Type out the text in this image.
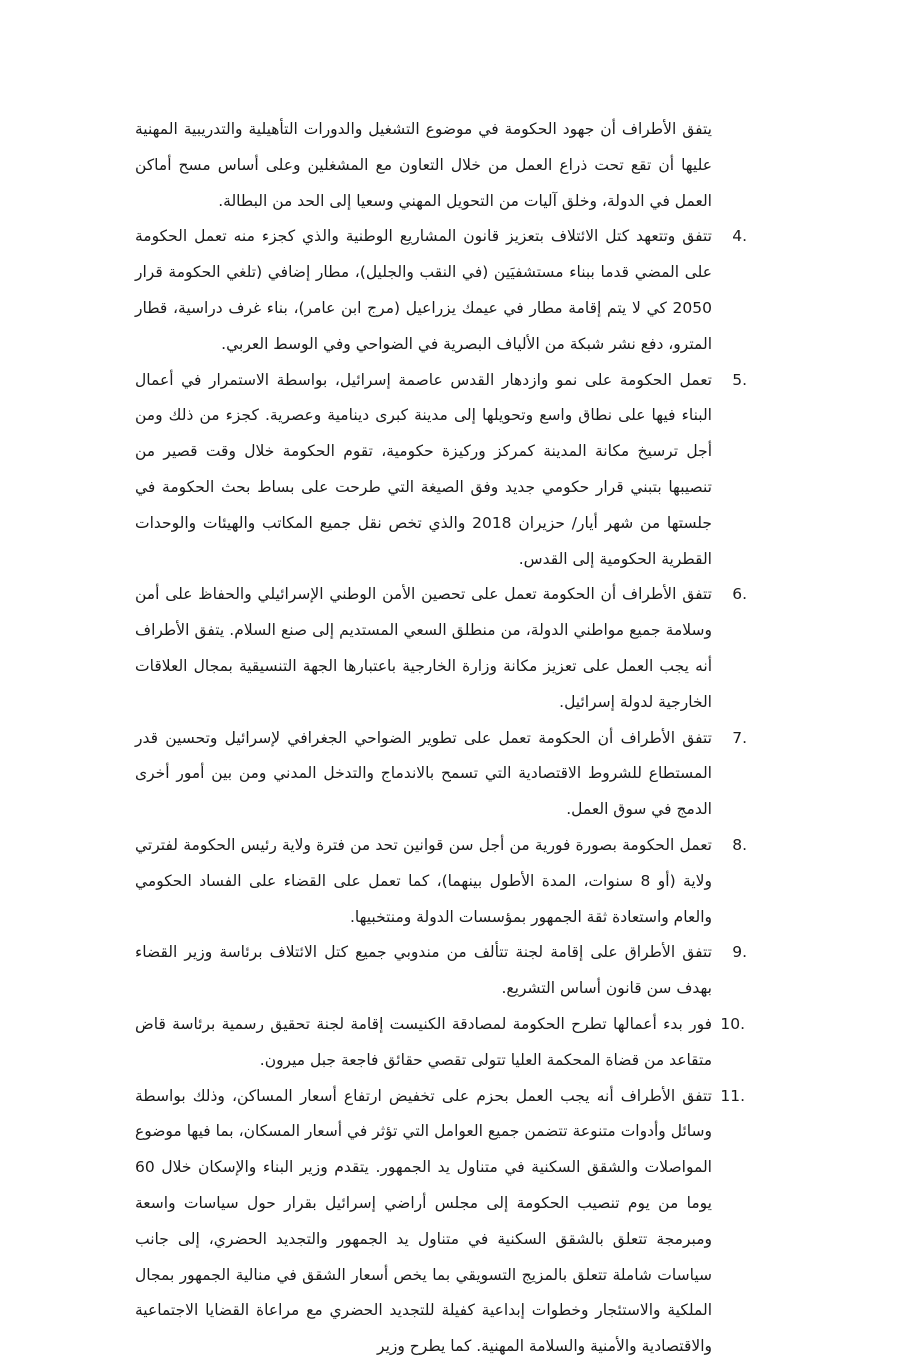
يتفق الأطراف أن جهود الحكومة في موضوع التشغيل والدورات التأهيلية والتدريبية المهنية عليها أن تقع تحت ذراع العمل من خلال التعاون مع المشغلين وعلى أساس مسح أماكن العمل في الدولة، وخلق آليات من التحويل المهني وسعيا إلى الحد من البطالة.

4.
تتفق وتتعهد كتل الائتلاف بتعزيز قانون المشاريع الوطنية والذي كجزء منه تعمل الحكومة على المضي قدما ببناء مستشفيَين (في النقب والجليل)، مطار إضافي (تلغي الحكومة قرار 2050 كي لا يتم إقامة مطار في عيمك يزراعيل (مرج ابن عامر)، بناء غرف دراسية، قطار المترو، دفع نشر شبكة من الألياف البصرية في الضواحي وفي الوسط العربي.
5.
تعمل الحكومة على نمو وازدهار القدس عاصمة إسرائيل، بواسطة الاستمرار في أعمال البناء فيها على نطاق واسع وتحويلها إلى مدينة كبرى دينامية وعصرية. كجزء من ذلك ومن أجل ترسيخ مكانة المدينة كمركز وركيزة حكومية، تقوم الحكومة خلال وقت قصير من تنصيبها بتبني قرار حكومي جديد وفق الصيغة التي طرحت على بساط بحث الحكومة في جلستها من شهر أيار/ حزيران 2018 والذي تخص نقل جميع المكاتب والهيئات والوحدات القطرية الحكومية إلى القدس.
6.
تتفق الأطراف أن الحكومة تعمل على تحصين الأمن الوطني الإسرائيلي والحفاظ على أمن وسلامة جميع مواطني الدولة، من منطلق السعي المستديم إلى صنع السلام. يتفق الأطراف أنه يجب العمل على تعزيز مكانة وزارة الخارجية باعتبارها الجهة التنسيقية بمجال العلاقات الخارجية لدولة إسرائيل.
7.
تتفق الأطراف أن الحكومة تعمل على تطوير الضواحي الجغرافي لإسرائيل وتحسين قدر المستطاع للشروط الاقتصادية التي تسمح بالاندماج والتدخل المدني ومن بين أمور أخرى الدمج في سوق العمل.
8.
تعمل الحكومة بصورة فورية من أجل سن قوانين تحد من فترة ولاية رئيس الحكومة لفترتي ولاية (أو 8 سنوات، المدة الأطول بينهما)، كما تعمل على القضاء على الفساد الحكومي والعام واستعادة ثقة الجمهور بمؤسسات الدولة ومنتخبيها.
9.
تتفق الأطراق على إقامة لجنة تتألف من مندوبي جميع كتل الائتلاف برئاسة وزير القضاء بهدف سن قانون أساس التشريع.
10.
فور بدء أعمالها تطرح الحكومة لمصادقة الكنيست إقامة لجنة تحقيق رسمية برئاسة قاض متقاعد من قضاة المحكمة العليا تتولى تقصي حقائق فاجعة جبل ميرون.
11.
تتفق الأطراف أنه يجب العمل بحزم على تخفيض ارتفاع أسعار المساكن، وذلك بواسطة وسائل وأدوات متنوعة تتضمن جميع العوامل التي تؤثر في أسعار المسكان، بما فيها موضوع المواصلات والشقق السكنية في متناول يد الجمهور. يتقدم وزير البناء والإسكان خلال 60 يوما من يوم تنصيب الحكومة إلى مجلس أراضي إسرائيل بقرار حول سياسات واسعة ومبرمجة تتعلق بالشقق السكنية في متناول يد الجمهور والتجديد الحضري، إلى جانب سياسات شاملة تتعلق بالمزيج التسويقي بما يخص أسعار الشقق في منالية الجمهور بمجال الملكية والاستئجار وخطوات إبداعية كفيلة للتجديد الحضري مع مراعاة القضايا الاجتماعية والاقتصادية والأمنية والسلامة المهنية. كما يطرح وزير
